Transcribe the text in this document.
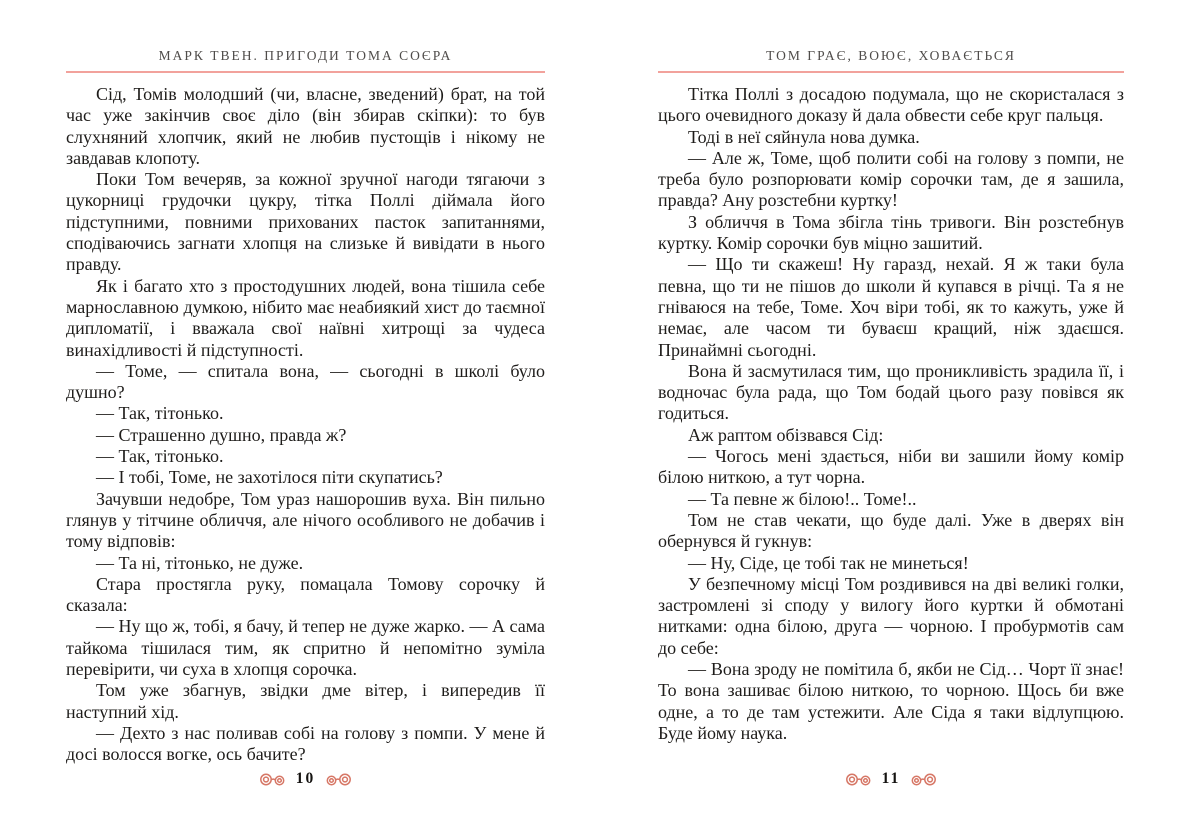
МАРК ТВЕН. ПРИГОДИ ТОМА СОЄРА

Сід, Томів молодший (чи, власне, зведений) брат, на той час уже закінчив своє діло (він збирав скіпки): то був слухняний хлопчик, який не любив пустощів і нікому не завдавав клопоту.

Поки Том вечеряв, за кожної зручної нагоди тягаючи з цукорниці грудочки цукру, тітка Поллі діймала його підступними, повними прихованих пасток запитаннями, сподіваючись загнати хлопця на слизьке й вивідати в нього правду.

Як і багато хто з простодушних людей, вона тішила себе марнославною думкою, нібито має неабиякий хист до таємної дипломатії, і вважала свої наївні хитрощі за чудеса винахідливості й підступності.

— Томе, — спитала вона, — сьогодні в школі було душно?

— Так, тітонько.

— Страшенно душно, правда ж?

— Так, тітонько.

— І тобі, Томе, не захотілося піти скупатись?

Зачувши недобре, Том ураз нашорошив вуха. Він пильно глянув у тітчине обличчя, але нічого особливого не добачив і тому відповів:

— Та ні, тітонько, не дуже.

Стара простягла руку, помацала Томову сорочку й сказала:

— Ну що ж, тобі, я бачу, й тепер не дуже жарко. — А сама тайкома тішилася тим, як спритно й непомітно зуміла перевірити, чи суха в хлопця сорочка.

Том уже збагнув, звідки дме вітер, і випередив її наступний хід.

— Дехто з нас поливав собі на голову з помпи. У мене й досі волосся вогке, ось бачите?

10
ТОМ ГРАЄ, ВОЮЄ, ХОВАЄТЬСЯ

Тітка Поллі з досадою подумала, що не скористалася з цього очевидного доказу й дала обвести себе круг пальця.

Тоді в неї сяйнула нова думка.

— Але ж, Томе, щоб полити собі на голову з помпи, не треба було розпорювати комір сорочки там, де я зашила, правда? Ану розстебни куртку!

З обличчя в Тома збігла тінь тривоги. Він розстебнув куртку. Комір сорочки був міцно зашитий.

— Що ти скажеш! Ну гаразд, нехай. Я ж таки була певна, що ти не пішов до школи й купався в річці. Та я не гніваюся на тебе, Томе. Хоч віри тобі, як то кажуть, уже й немає, але часом ти буваєш кращий, ніж здаєшся. Принаймні сьогодні.

Вона й засмутилася тим, що проникливість зрадила її, і водночас була рада, що Том бодай цього разу повівся як годиться.

Аж раптом обізвався Сід:

— Чогось мені здається, ніби ви зашили йому комір білою ниткою, а тут чорна.

— Та певне ж білою!.. Томе!..

Том не став чекати, що буде далі. Уже в дверях він обернувся й гукнув:

— Ну, Сіде, це тобі так не минеться!

У безпечному місці Том роздивився на дві великі голки, застромлені зі споду у вилогу його куртки й обмотані нитками: одна білою, друга — чорною. І пробурмотів сам до себе:

— Вона зроду не помітила б, якби не Сід… Чорт її знає! То вона зашиває білою ниткою, то чорною. Щось би вже одне, а то де там устежити. Але Сіда я таки відлупцюю. Буде йому наука.

11
